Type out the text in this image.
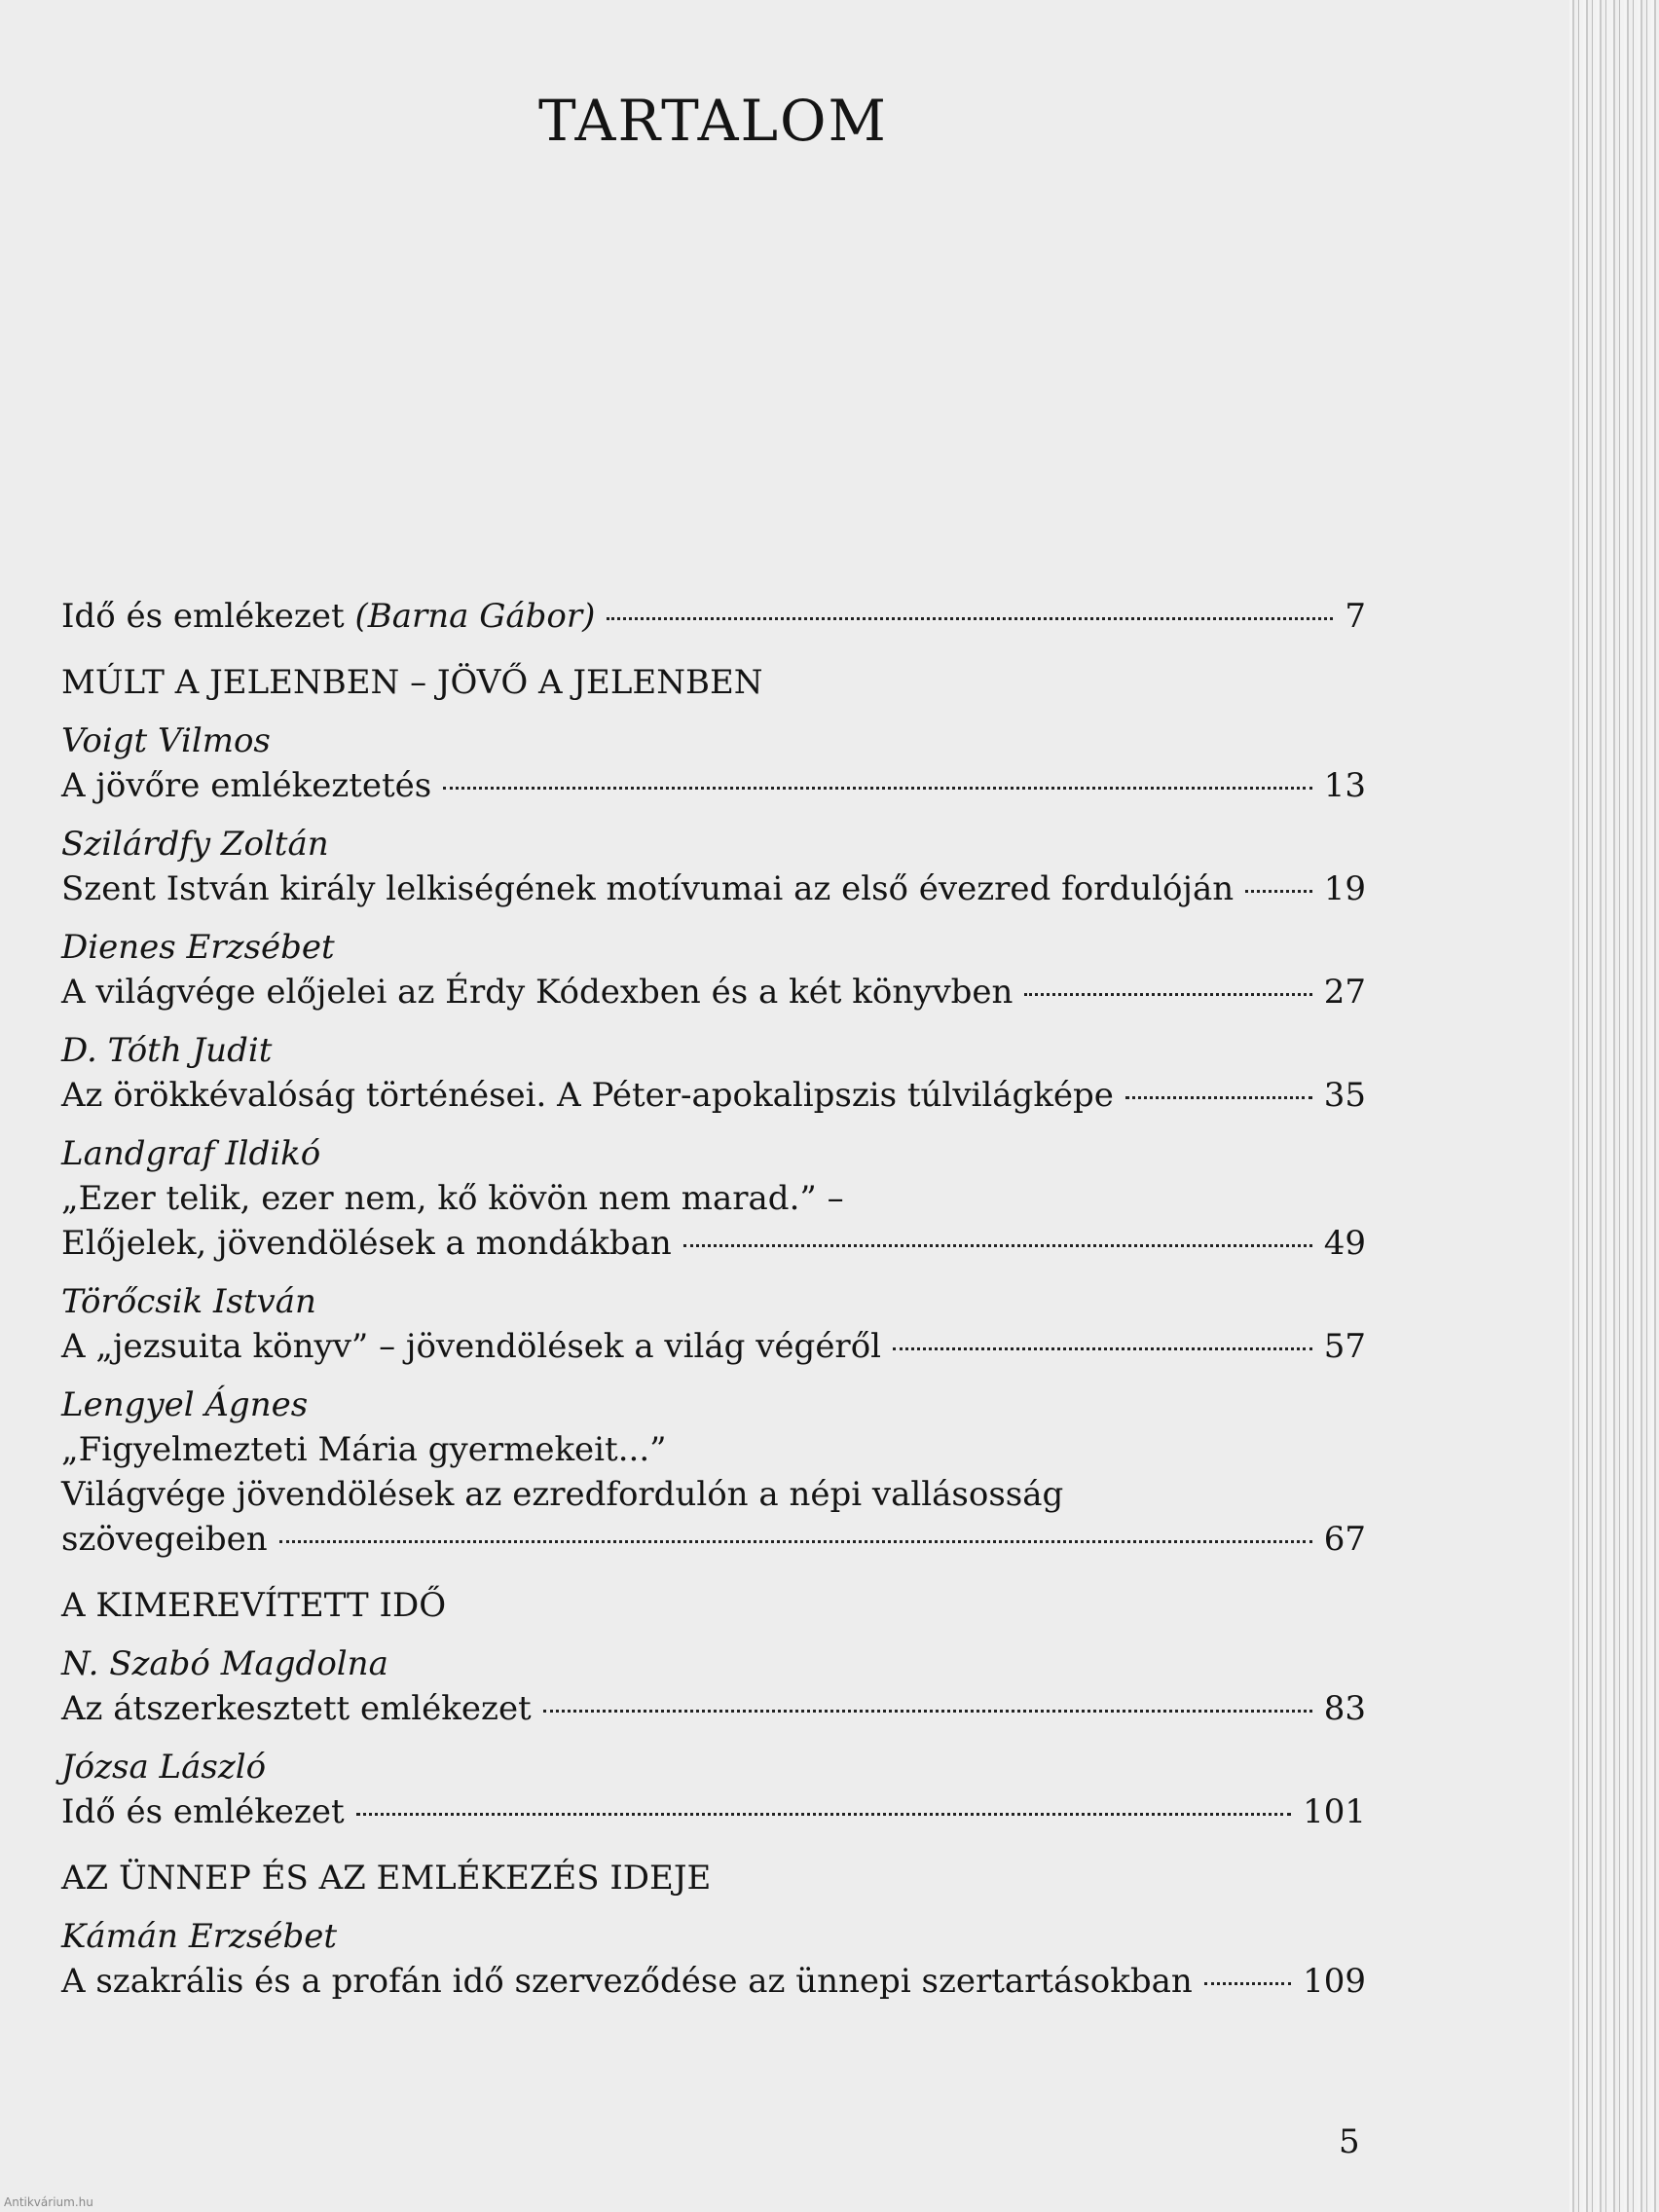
TARTALOM
Idő és emlékezet (Barna Gábor)	7
MÚLT A JELENBEN – JÖVŐ A JELENBEN
Voigt Vilmos
A jövőre emlékeztetés	13
Szilárdfy Zoltán
Szent István király lelkiségének motívumai az első évezred fordulóján	19
Dienes Erzsébet
A világvége előjelei az Érdy Kódexben és a két könyvben	27
D. Tóth Judit
Az örökkévalóság történései. A Péter-apokalipszis túlvilágképe	35
Landgraf Ildikó
„Ezer telik, ezer nem, kő kövön nem marad.” –
Előjelek, jövendölések a mondákban	49
Törőcsik István
A „jezsuita könyv” – jövendölések a világ végéről	57
Lengyel Ágnes
„Figyelmezteti Mária gyermekeit...”
Világvége jövendölések az ezredfordulón a népi vallásosság
szövegeiben	67
A KIMEREVÍTETT IDŐ
N. Szabó Magdolna
Az átszerkesztett emlékezet	83
Józsa László
Idő és emlékezet	101
AZ ÜNNEP ÉS AZ EMLÉKEZÉS IDEJE
Kámán Erzsébet
A szakrális és a profán idő szerveződése az ünnepi szertartásokban	109
5
Antikvárium.hu
